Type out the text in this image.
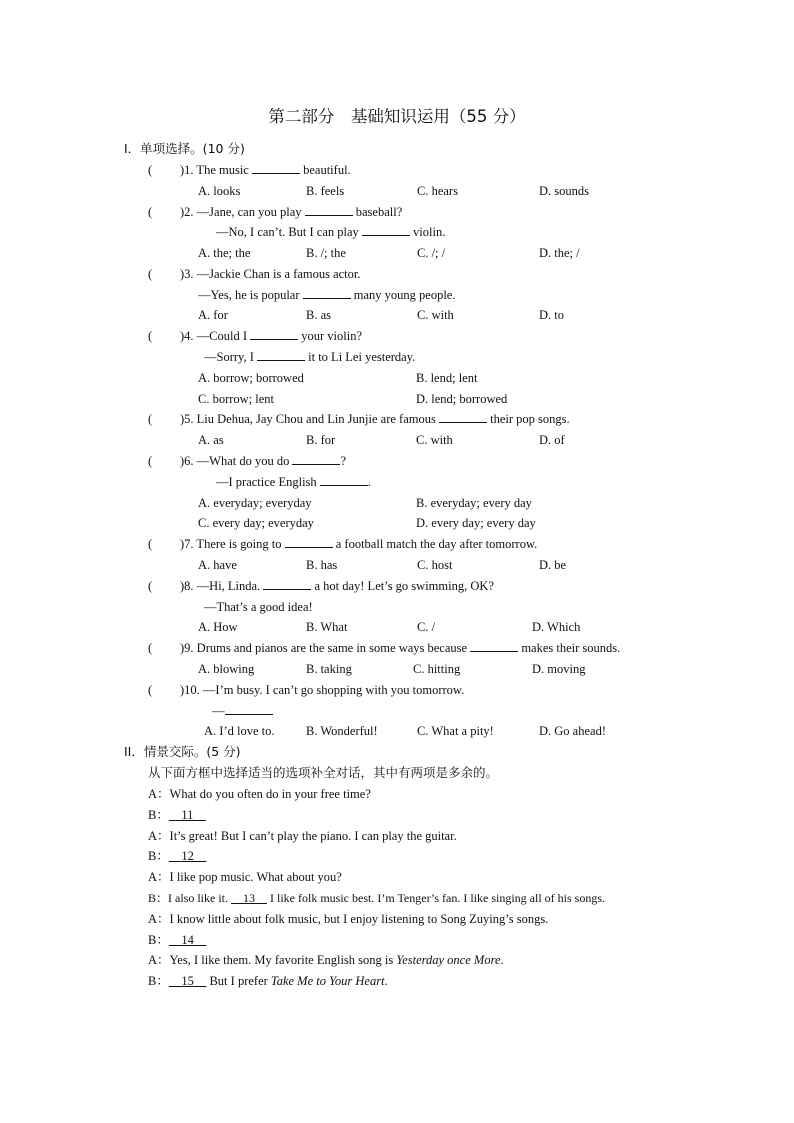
第二部分　基础知识运用（55 分）
I．单项选择。(10 分)
( )1. The music	beautiful.
A. looks	B. feels	C. hears	D. sounds
( )2. —Jane, can you play	baseball?
—No, I can’t. But I can play	violin.
A. the; the	B. /; the	C. /; /	D. the; /
( )3. —Jackie Chan is a famous actor.
—Yes, he is popular	many young people.
A. for	B. as	C. with	D. to
( )4. —Could I	your violin?
—Sorry, I	it to Li Lei yesterday.
A. borrow; borrowed	B. lend; lent
C. borrow; lent	D. lend; borrowed
( )5. Liu Dehua, Jay Chou and Lin Junjie are famous	their pop songs.
A. as	B. for	C. with	D. of
( )6. —What do you do	?
—I practice English	.
A. everyday; everyday	B. everyday; every day
C. every day; everyday	D. every day; every day
( )7. There is going to	a football match the day after tomorrow.
A. have	B. has	C. host	D. be
( )8. —Hi, Linda.	a hot day! Let’s go swimming, OK?
—That’s a good idea!
A. How	B. What	C. /	D. Which
( )9. Drums and pianos are the same in some ways because	makes their sounds.
A. blowing	B. taking	C. hitting	D. moving
( )10. —I’m busy. I can’t go shopping with you tomorrow.
—
A. I’d love to.	B. Wonderful!	C. What a pity!	D. Go ahead!
II．情景交际。(5 分)
从下面方框中选择适当的选项补全对话，其中有两项是多余的。
A：What do you often do in your free time?
B：   11  
A：It’s great! But I can’t play the piano. I can play the guitar.
B：   12  
A：I like pop music. What about you?
B：I also like it.    13   I like folk music best. I’m Tenger’s fan. I like singing all of his songs.
A：I know little about folk music, but I enjoy listening to Song Zuying’s songs.
B：   14  
A：Yes, I like them. My favorite English song is Yesterday once More.
B：   15   But I prefer Take Me to Your Heart.
